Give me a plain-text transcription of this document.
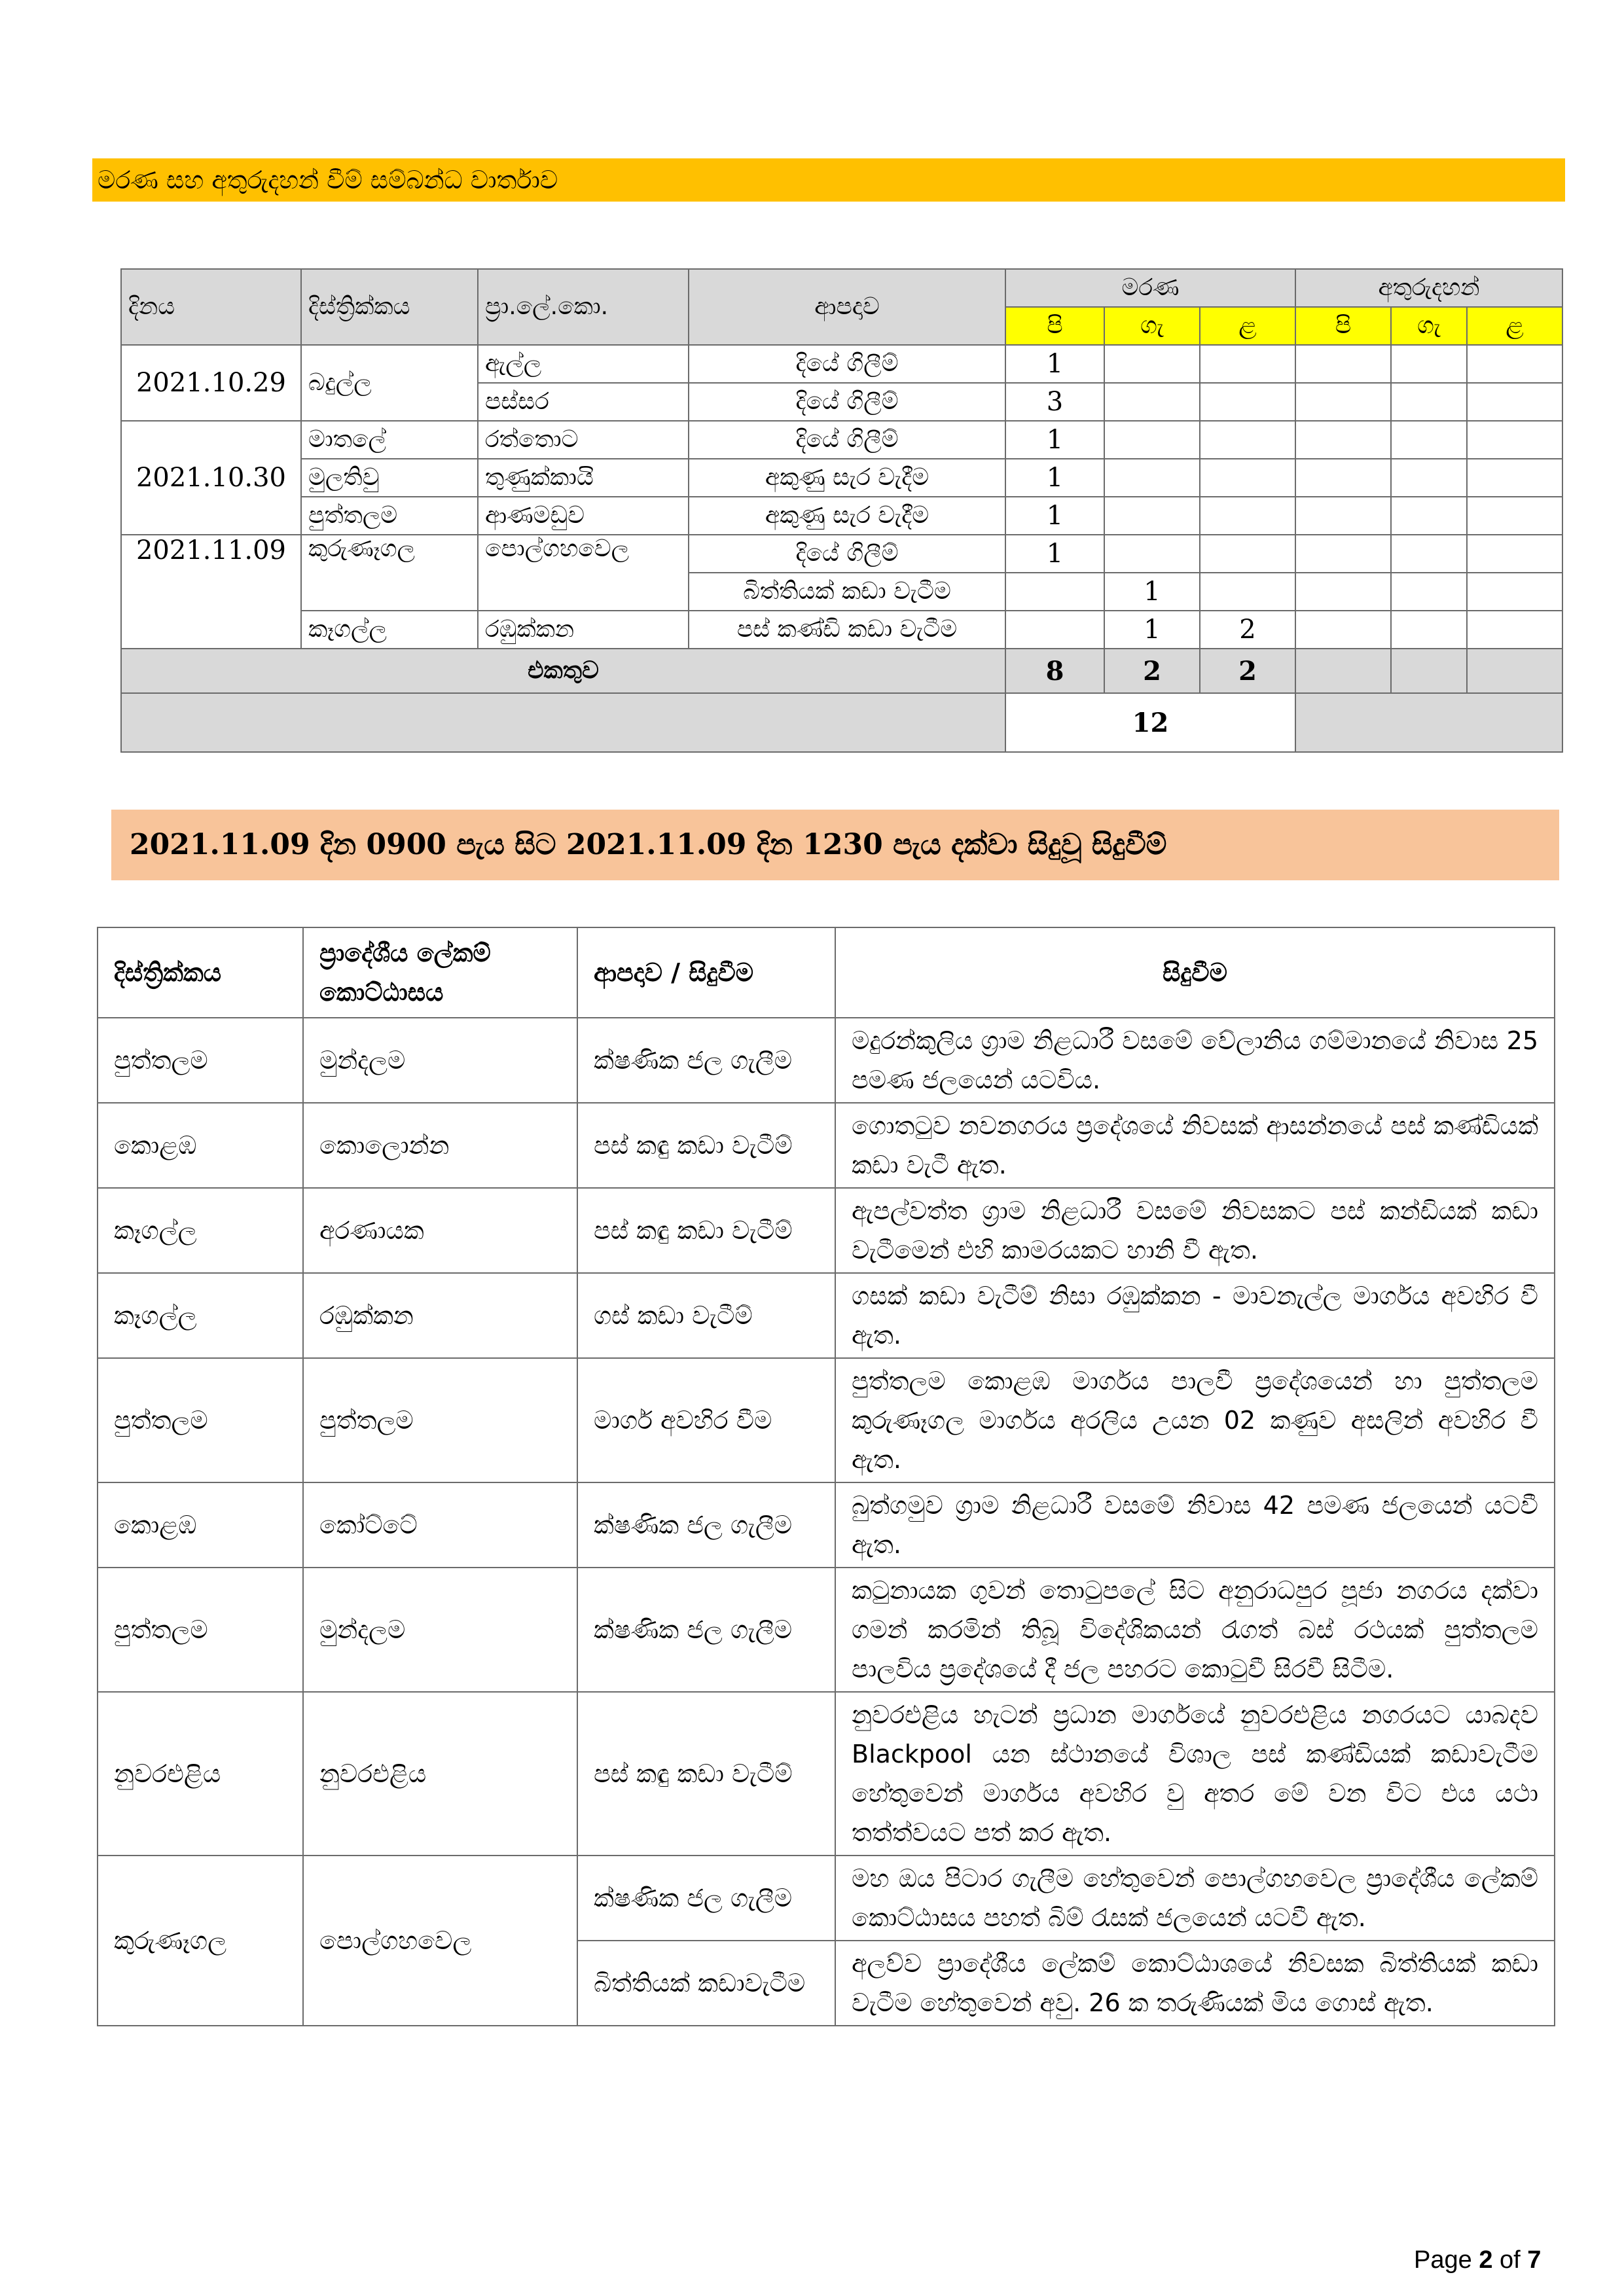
මරණ සහ අතුරුදහන් වීම් සම්බන්ධ වාර්තාව
දිනය	දිස්ත්‍රික්කය	ප්‍රා.ලේ.කො.	ආපදාව	මරණ			අතුරුදහන්		
				පි	ගැ	ළ	පි	ගැ	ළ
2021.10.29	බදුල්ල	ඇල්ල	දියේ ගිලීම්	1					
		පස්සර	දියේ ගිලීම්	3					
2021.10.30	මාතලේ	රත්තොට	දියේ ගිලීම්	1					
	මුලතිවු	තුණුක්කායි	අකුණු සැර වැදීම	1					
	පුත්තලම	ආණමඩුව	අකුණු සැර වැදීම	1					
2021.11.09	කුරුණෑගල	පොල්ගහවෙල	දියේ ගිලීම්	1					
			බිත්තියක් කඩා වැටීම		1				
	කෑගල්ල	රඹුක්කන	පස් කණ්ඩි කඩා වැටීම		1	2			
එකතුව				8	2	2			
				12					
2021.11.09 දින 0900 පැය සිට 2021.11.09 දින 1230 පැය දක්වා සිදුවූ සිදුවීම්
දිස්ත්‍රික්කය	ප්‍රාදේශීය ලේකම් කොට්ඨාසය	ආපදාව / සිදුවීම	සිදුවීම
පුත්තලම	මුන්දලම	ක්ෂණික ජල ගැලීම	මදුරන්කුලිය ග්‍රාම නිළධාරී වසමේ වේලානිය ගම්මානයේ නිවාස 25 පමණ ජලයෙන් යටවිය.
කොළඹ	කොලොන්න	පස් කඳු කඩා වැටීම්	ගොතටුව නවනගරය ප්‍රදේශයේ නිවසක් ආසන්නයේ පස් කණ්ඩියක් කඩා වැටී ඇත.
කෑගල්ල	අරණායක	පස් කඳු කඩා වැටීම්	ඇපල්වත්ත ග්‍රාම නිළධාරී වසමේ නිවසකට පස් කන්ඩියක් කඩා වැටීමෙන් එහි කාමරයකට හානි වී ඇත.
කෑගල්ල	රඹුක්කන	ගස් කඩා වැටීම්	ගසක් කඩා වැටීම් නිසා රඹුක්කන - මාවනැල්ල මාර්ගය අවහිර වී ඇත.
පුත්තලම	පුත්තලම	මාර්ග අවහිර වීම	පුත්තලම කොළඹ මාර්ගය පාලවී ප්‍රදේශයෙන් හා පුත්තලම කුරුණෑගල මාර්ගය අරලිය උයන 02 කණුව අසලින් අවහිර වී ඇත.
කොළඹ	කෝට්ටේ	ක්ෂණික ජල ගැලීම	බුත්ගමුව ග්‍රාම නිළධාරී වසමේ නිවාස 42 පමණ ජලයෙන් යටවී ඇත.
පුත්තලම	මුන්දලම	ක්ෂණික ජල ගැලීම	කටුනායක ගුවන් තොටුපලේ සිට අනුරාධපුර පූජා නගරය දක්වා ගමන් කරමින් තිබූ විදේශිකයන් රැගත් බස් රථයක් පුත්තලම පාලවිය ප්‍රදේශයේ දී ජල පහරට කොටුවී සිරවී සිටීම.
නුවරඑළිය	නුවරඑළිය	පස් කඳු කඩා වැටීම්	නුවරඑළිය හැටන් ප්‍රධාන මාර්ගයේ නුවරඑළිය නගරයට යාබදව Blackpool යන ස්ථානයේ විශාල පස් කණ්ඩියක් කඩාවැටීම හේතුවෙන් මාර්ගය අවහිර වු අතර මේ වන විට එය යථා තත්ත්වයට පත් කර ඇත.
කුරුණෑගල	පොල්ගහවෙල	ක්ෂණික ජල ගැලීම	මහ ඔය පිටාර ගැලීම හේතුවෙන් පොල්ගහවෙල ප්‍රාදේශීය ලේකම් කොට්ඨාසය පහත් බිම් රැසක් ජලයෙන් යටවී ඇත.
		බිත්තියක් කඩාවැටීම	අලව්ව ප්‍රාදේශීය ලේකම් කොට්ඨාශයේ නිවසක බිත්තියක් කඩා වැටීම හේතුවෙන් අවු. 26 ක තරුණියක් මිය ගොස් ඇත.
Page 2 of 7
